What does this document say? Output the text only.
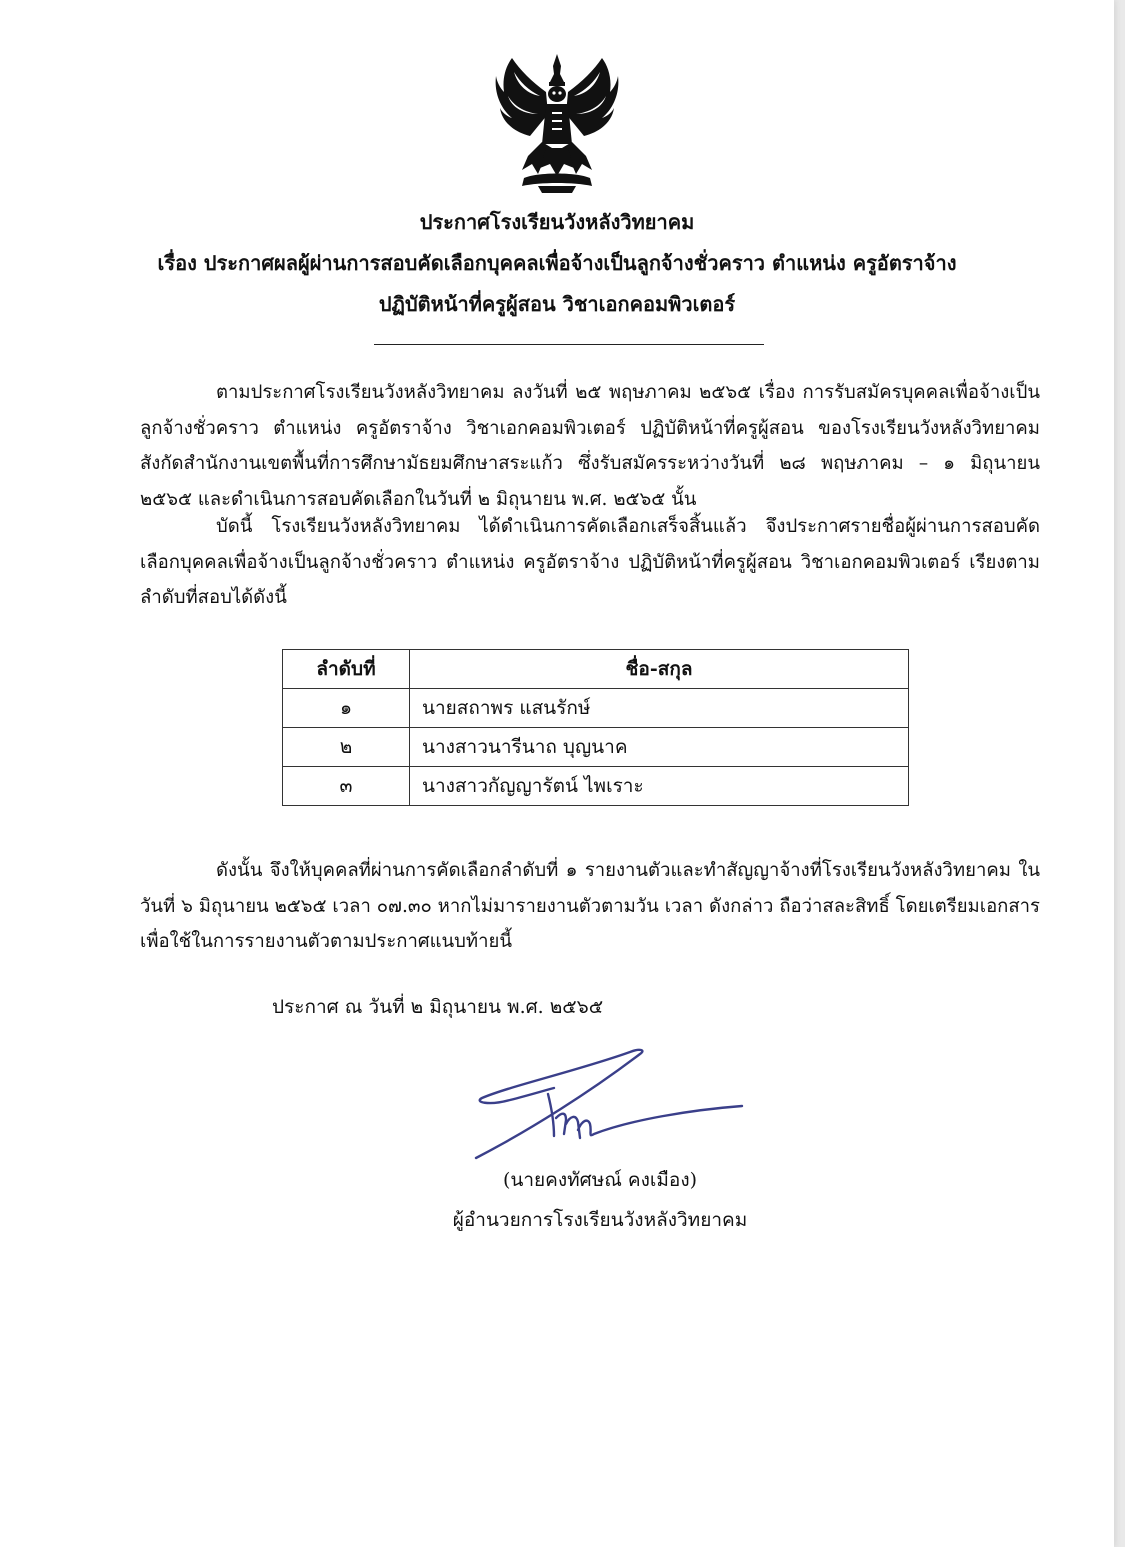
ประกาศโรงเรียนวังหลังวิทยาคม
เรื่อง ประกาศผลผู้ผ่านการสอบคัดเลือกบุคคลเพื่อจ้างเป็นลูกจ้างชั่วคราว ตำแหน่ง ครูอัตราจ้าง
ปฏิบัติหน้าที่ครูผู้สอน วิชาเอกคอมพิวเตอร์

ตามประกาศโรงเรียนวังหลังวิทยาคม ลงวันที่ ๒๕ พฤษภาคม ๒๕๖๕ เรื่อง การรับสมัครบุคคลเพื่อจ้างเป็นลูกจ้างชั่วคราว ตำแหน่ง ครูอัตราจ้าง วิชาเอกคอมพิวเตอร์ ปฏิบัติหน้าที่ครูผู้สอน ของโรงเรียนวังหลังวิทยาคม สังกัดสำนักงานเขตพื้นที่การศึกษามัธยมศึกษาสระแก้ว ซึ่งรับสมัครระหว่างวันที่ ๒๘ พฤษภาคม – ๑ มิถุนายน ๒๕๖๕ และดำเนินการสอบคัดเลือกในวันที่ ๒ มิถุนายน พ.ศ. ๒๕๖๕ นั้น

บัดนี้ โรงเรียนวังหลังวิทยาคม ได้ดำเนินการคัดเลือกเสร็จสิ้นแล้ว จึงประกาศรายชื่อผู้ผ่านการสอบคัดเลือกบุคคลเพื่อจ้างเป็นลูกจ้างชั่วคราว ตำแหน่ง ครูอัตราจ้าง ปฏิบัติหน้าที่ครูผู้สอน วิชาเอกคอมพิวเตอร์ เรียงตามลำดับที่สอบได้ดังนี้

ลำดับที่	ชื่อ-สกุล
๑	นายสถาพร แสนรักษ์
๒	นางสาวนารีนาถ บุญนาค
๓	นางสาวกัญญารัตน์ ไพเราะ

ดังนั้น จึงให้บุคคลที่ผ่านการคัดเลือกลำดับที่ ๑ รายงานตัวและทำสัญญาจ้างที่โรงเรียนวังหลังวิทยาคม ในวันที่ ๖ มิถุนายน ๒๕๖๕ เวลา ๐๗.๓๐ หากไม่มารายงานตัวตามวัน เวลา ดังกล่าว ถือว่าสละสิทธิ์ โดยเตรียมเอกสารเพื่อใช้ในการรายงานตัวตามประกาศแนบท้ายนี้

ประกาศ ณ วันที่ ๒ มิถุนายน พ.ศ. ๒๕๖๕
(นายคงทัศษณ์ คงเมือง)
ผู้อำนวยการโรงเรียนวังหลังวิทยาคม
